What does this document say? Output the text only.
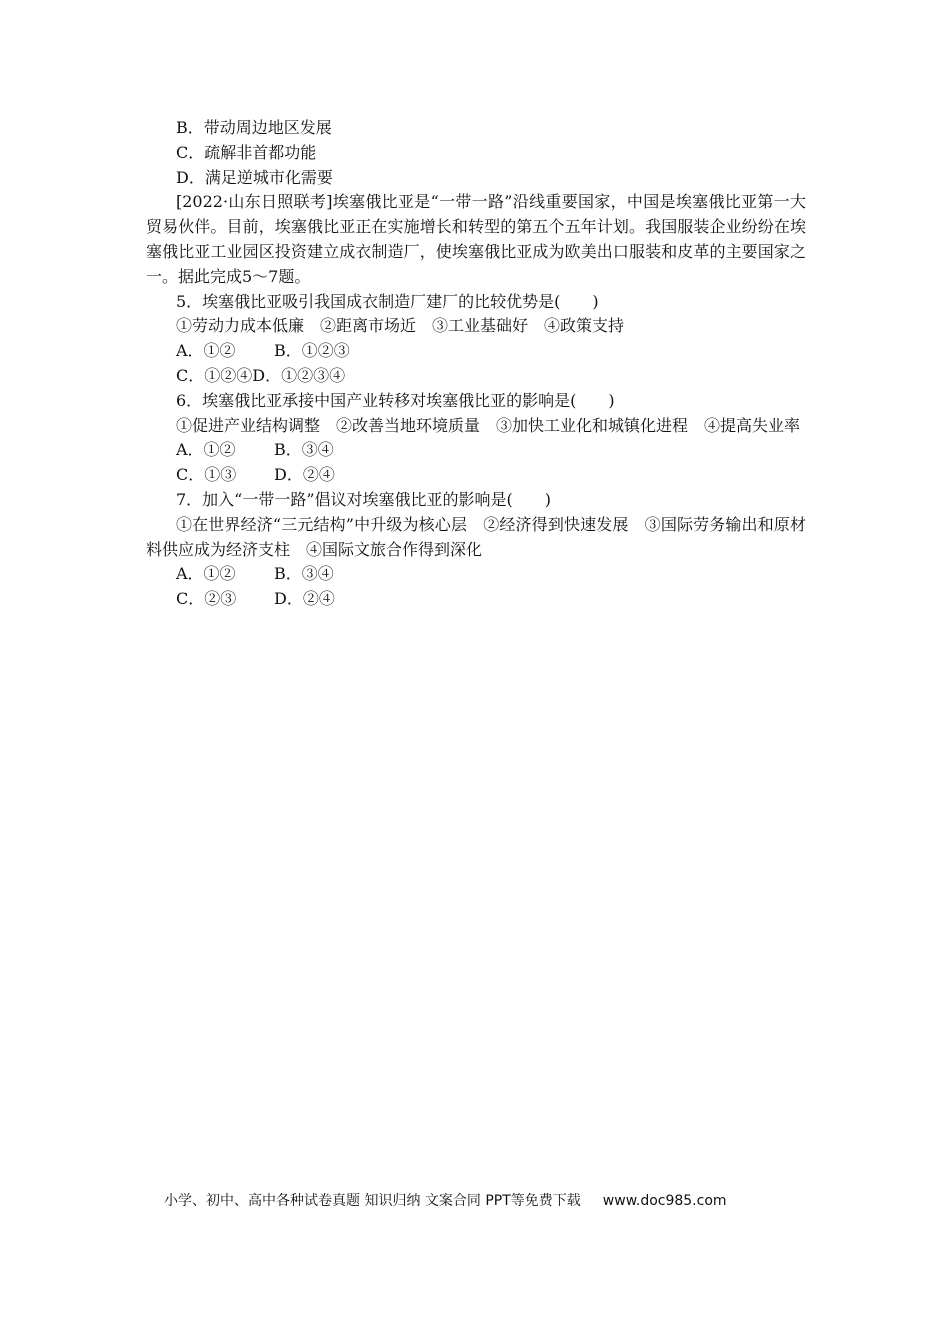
B．带动周边地区发展
C．疏解非首都功能
D．满足逆城市化需要
[2022·山东日照联考]埃塞俄比亚是“一带一路”沿线重要国家，中国是埃塞俄比亚第一大贸易伙伴。目前，埃塞俄比亚正在实施增长和转型的第五个五年计划。我国服装企业纷纷在埃塞俄比亚工业园区投资建立成衣制造厂，使埃塞俄比亚成为欧美出口服装和皮革的主要国家之一。据此完成5～7题。
5．埃塞俄比亚吸引我国成衣制造厂建厂的比较优势是(　　)
①劳动力成本低廉　②距离市场近　③工业基础好　④政策支持
A．①② B．①②③
C．①②④D．①②③④
6．埃塞俄比亚承接中国产业转移对埃塞俄比亚的影响是(　　)
①促进产业结构调整　②改善当地环境质量　③加快工业化和城镇化进程　④提高失业率
A．①② B．③④
C．①③ D．②④
7．加入“一带一路”倡议对埃塞俄比亚的影响是(　　)
①在世界经济“三元结构”中升级为核心层　②经济得到快速发展　③国际劳务输出和原材料供应成为经济支柱　④国际文旅合作得到深化
A．①② B．③④
C．②③ D．②④
小学、初中、高中各种试卷真题 知识归纳 文案合同 PPT等免费下载 www.doc985.com
